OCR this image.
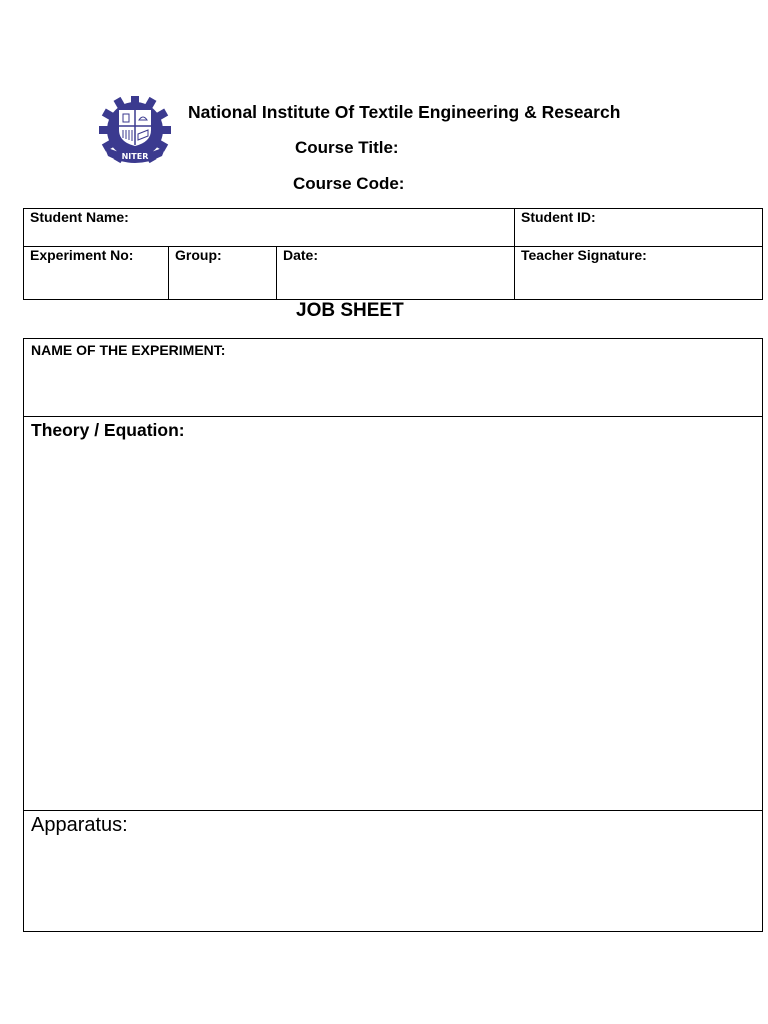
NITER
National Institute Of Textile Engineering & Research
Course Title:
Course Code:
Student Name:			Student ID:
Experiment No:	Group:	Date:	Teacher Signature:
JOB SHEET
NAME OF THE EXPERIMENT:
Theory / Equation:
Apparatus:
